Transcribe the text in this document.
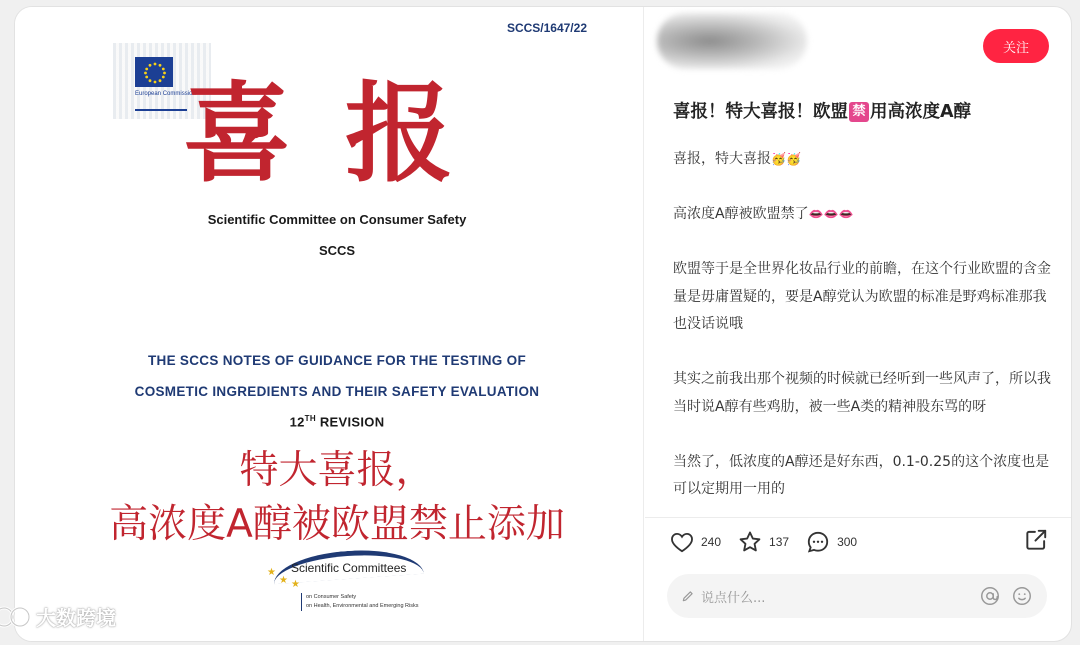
SCCS/1647/22
European Commission
喜报
Scientific Committee on Consumer Safety
SCCS
THE SCCS NOTES OF GUIDANCE FOR THE TESTING OF
COSMETIC INGREDIENTS AND THEIR SAFETY EVALUATION
12TH REVISION
特大喜报，
高浓度A醇被欧盟禁止添加
★
★ ★
Scientific Committees
on Consumer Safety
on Health, Environmental and Emerging Risks
关注
喜报！特大喜报！欧盟 禁 用高浓度A醇

喜报，特大喜报🥳🥳

高浓度A醇被欧盟禁了👄👄👄

欧盟等于是全世界化妆品行业的前瞻，在这个行业欧盟的含金量是毋庸置疑的，要是A醇党认为欧盟的标准是野鸡标准那我也没话说哦

其实之前我出那个视频的时候就已经听到一些风声了，所以我当时说A醇有些鸡肋，被一些A类的精神股东骂的呀

当然了，低浓度的A醇还是好东西，0.1-0.25的这个浓度也是可以定期用一用的

240	137	300
说点什么...
大数跨境
